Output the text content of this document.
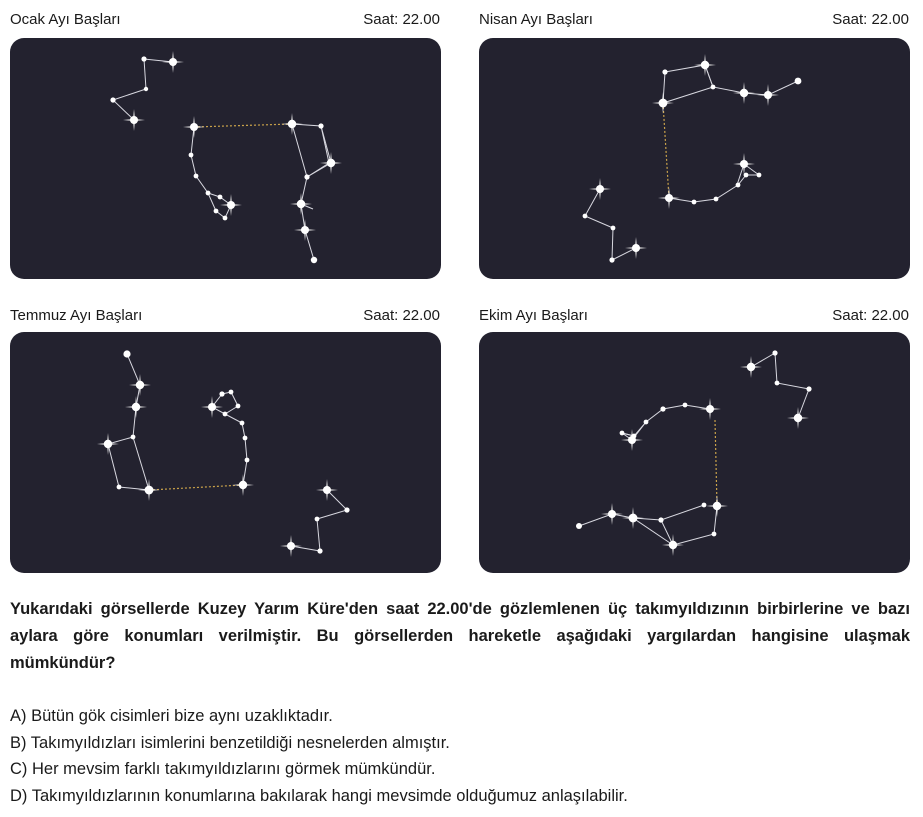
Ocak Ayı Başları	Saat: 22.00	Nisan Ayı Başları	Saat: 22.00
Temmuz Ayı Başları	Saat: 22.00	Ekim Ayı Başları	Saat: 22.00
Yukarıdaki görsellerde Kuzey Yarım Küre'den saat 22.00'de gözlemlenen üç takımyıldızının birbirlerine ve bazı aylara göre konumları verilmiştir. Bu görsellerden hareketle aşağıdaki yargılardan hangisine ulaşmak mümkündür?
A) Bütün gök cisimleri bize aynı uzaklıktadır.
B) Takımyıldızları isimlerini benzetildiği nesnelerden almıştır.
C) Her mevsim farklı takımyıldızlarını görmek mümkündür.
D) Takımyıldızlarının konumlarına bakılarak hangi mevsimde olduğumuz anlaşılabilir.
